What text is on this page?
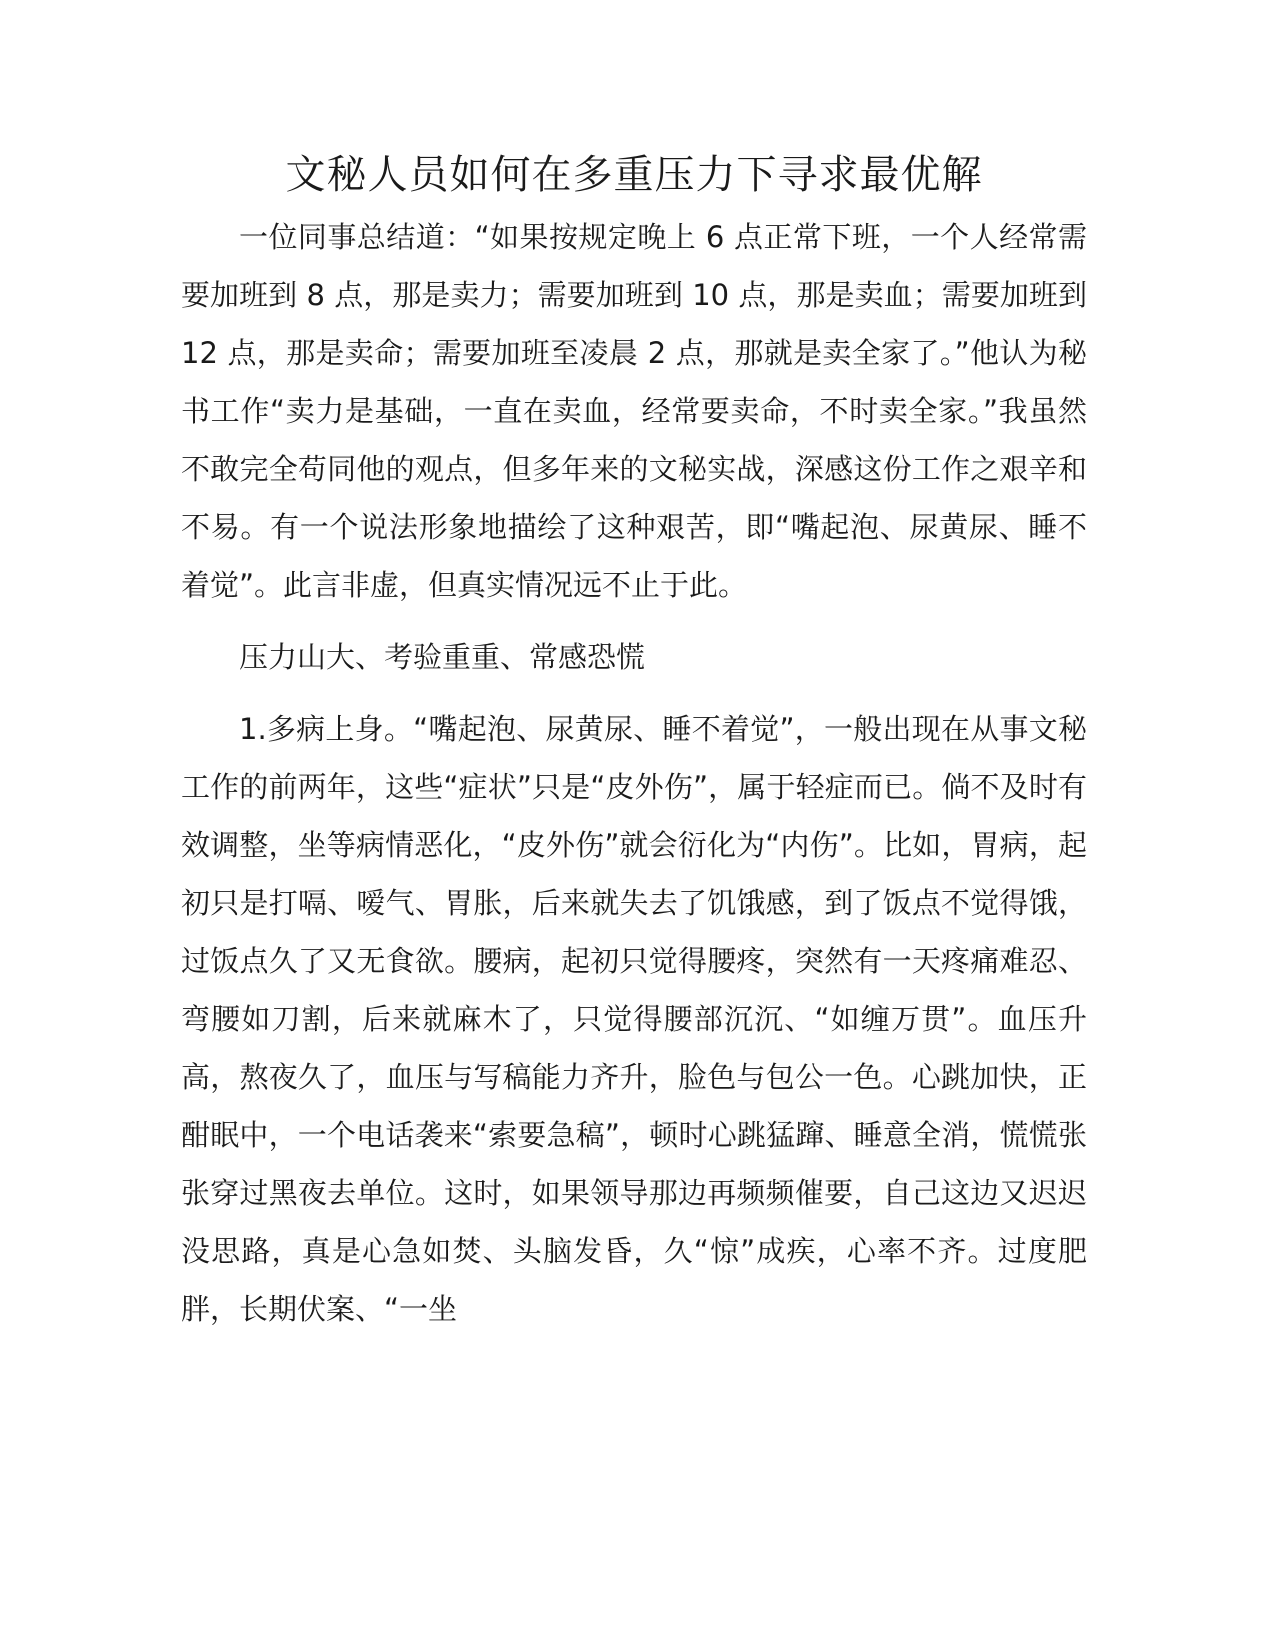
文秘人员如何在多重压力下寻求最优解

一位同事总结道：“如果按规定晚上 6 点正常下班，一个人经常需要加班到 8 点，那是卖力；需要加班到 10 点，那是卖血；需要加班到 12 点，那是卖命；需要加班至凌晨 2 点，那就是卖全家了。”他认为秘书工作“卖力是基础，一直在卖血，经常要卖命，不时卖全家。”我虽然不敢完全苟同他的观点，但多年来的文秘实战，深感这份工作之艰辛和不易。有一个说法形象地描绘了这种艰苦，即“嘴起泡、尿黄尿、睡不着觉”。此言非虚，但真实情况远不止于此。

压力山大、考验重重、常感恐慌

1.多病上身。“嘴起泡、尿黄尿、睡不着觉”，一般出现在从事文秘工作的前两年，这些“症状”只是“皮外伤”，属于轻症而已。倘不及时有效调整，坐等病情恶化，“皮外伤”就会衍化为“内伤”。比如，胃病，起初只是打嗝、嗳气、胃胀，后来就失去了饥饿感，到了饭点不觉得饿，过饭点久了又无食欲。腰病，起初只觉得腰疼，突然有一天疼痛难忍、弯腰如刀割，后来就麻木了，只觉得腰部沉沉、“如缠万贯”。血压升高，熬夜久了，血压与写稿能力齐升，脸色与包公一色。心跳加快，正酣眠中，一个电话袭来“索要急稿”，顿时心跳猛蹿、睡意全消，慌慌张张穿过黑夜去单位。这时，如果领导那边再频频催要，自己这边又迟迟没思路，真是心急如焚、头脑发昏，久“惊”成疾，心率不齐。过度肥胖，长期伏案、“一坐
